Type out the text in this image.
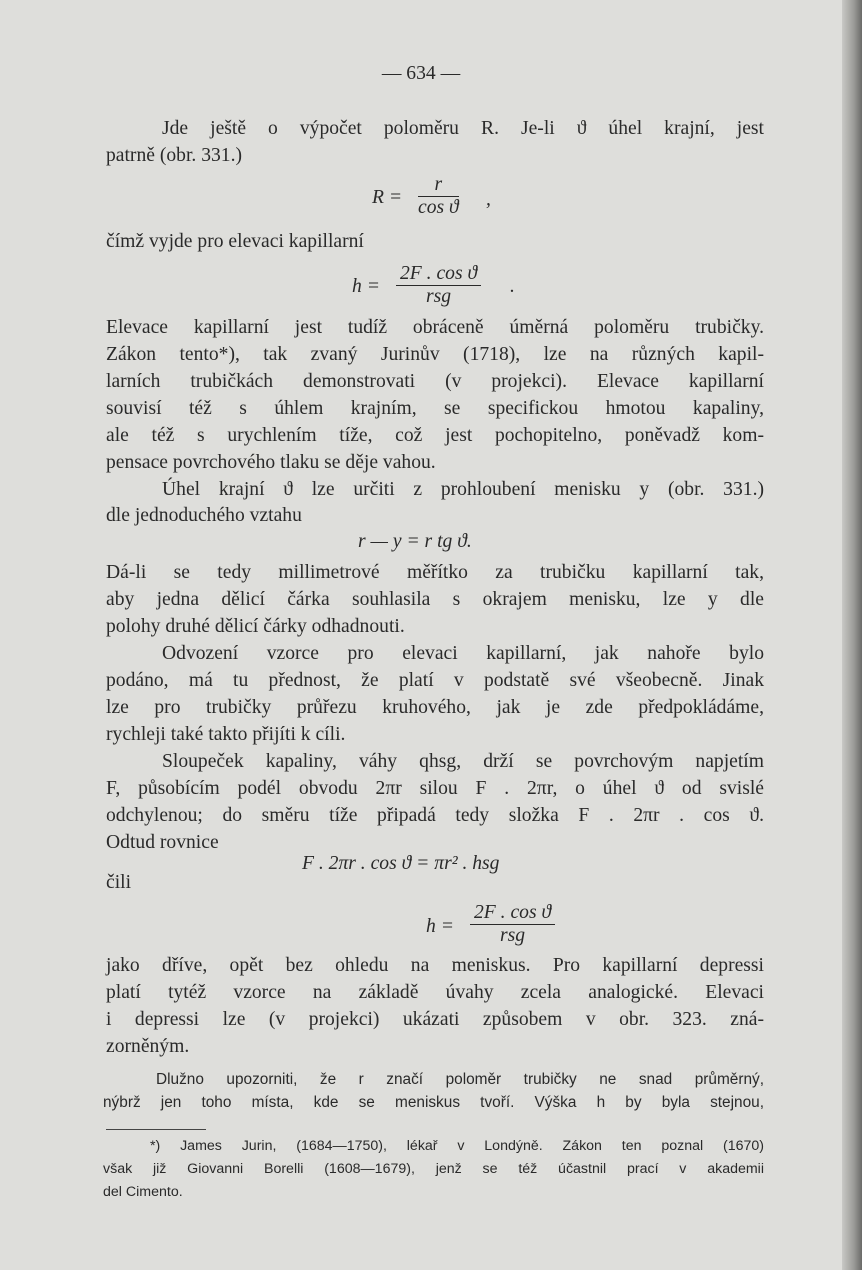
— 634 —
Jde ještě o výpočet poloměru R. Je-li ϑ úhel krajní, jest
patrně (obr. 331.)
$R = \frac{r}{\text{cos ϑ}}$ ,
čímž vyjde pro elevaci kapillarní
h =
2F . cos ϑ
rsg	.
Elevace kapillarní jest tudíž obráceně úměrná poloměru trubičky.
Zákon tento*), tak zvaný Jurinův (1718), lze na různých kapil-
larních trubičkách demonstrovati (v projekci). Elevace kapillarní
souvisí též s úhlem krajním, se specifickou hmotou kapaliny,
ale též s urychlením tíže, což jest pochopitelno, poněvadž kom-
pensace povrchového tlaku se děje vahou.
Úhel krajní ϑ lze určiti z prohloubení menisku y (obr. 331.)
dle jednoduchého vztahu
r — y = r tg ϑ.
Dá-li se tedy millimetrové měřítko za trubičku kapillarní tak,
aby jedna dělicí čárka souhlasila s okrajem menisku, lze y dle
polohy druhé dělicí čárky odhadnouti.
Odvození vzorce pro elevaci kapillarní, jak nahoře bylo
podáno, má tu přednost, že platí v podstatě své všeobecně. Jinak
lze pro trubičky průřezu kruhového, jak je zde předpokládáme,
rychleji také takto přijíti k cíli.
Sloupeček kapaliny, váhy qhsg, drží se povrchovým napjetím
F, působícím podél obvodu 2πr silou F . 2πr, o úhel ϑ od svislé
odchylenou; do směru tíže připadá tedy složka F . 2πr . cos ϑ.
Odtud rovnice
F . 2πr . cos ϑ = πr² . hsg
čili
h =
2F . cos ϑ
rsg
jako dříve, opět bez ohledu na meniskus. Pro kapillarní depressi
platí tytéž vzorce na základě úvahy zcela analogické. Elevaci
i depressi lze (v projekci) ukázati způsobem v obr. 323. zná-
zorněným.
Dlužno upozorniti, že r značí poloměr trubičky ne snad průměrný,
nýbrž jen toho místa, kde se meniskus tvoří. Výška h by byla stejnou,
*) James Jurin, (1684—1750), lékař v Londýně. Zákon ten poznal (1670)
však již Giovanni Borelli (1608—1679), jenž se též účastnil prací v akademii
del Cimento.
